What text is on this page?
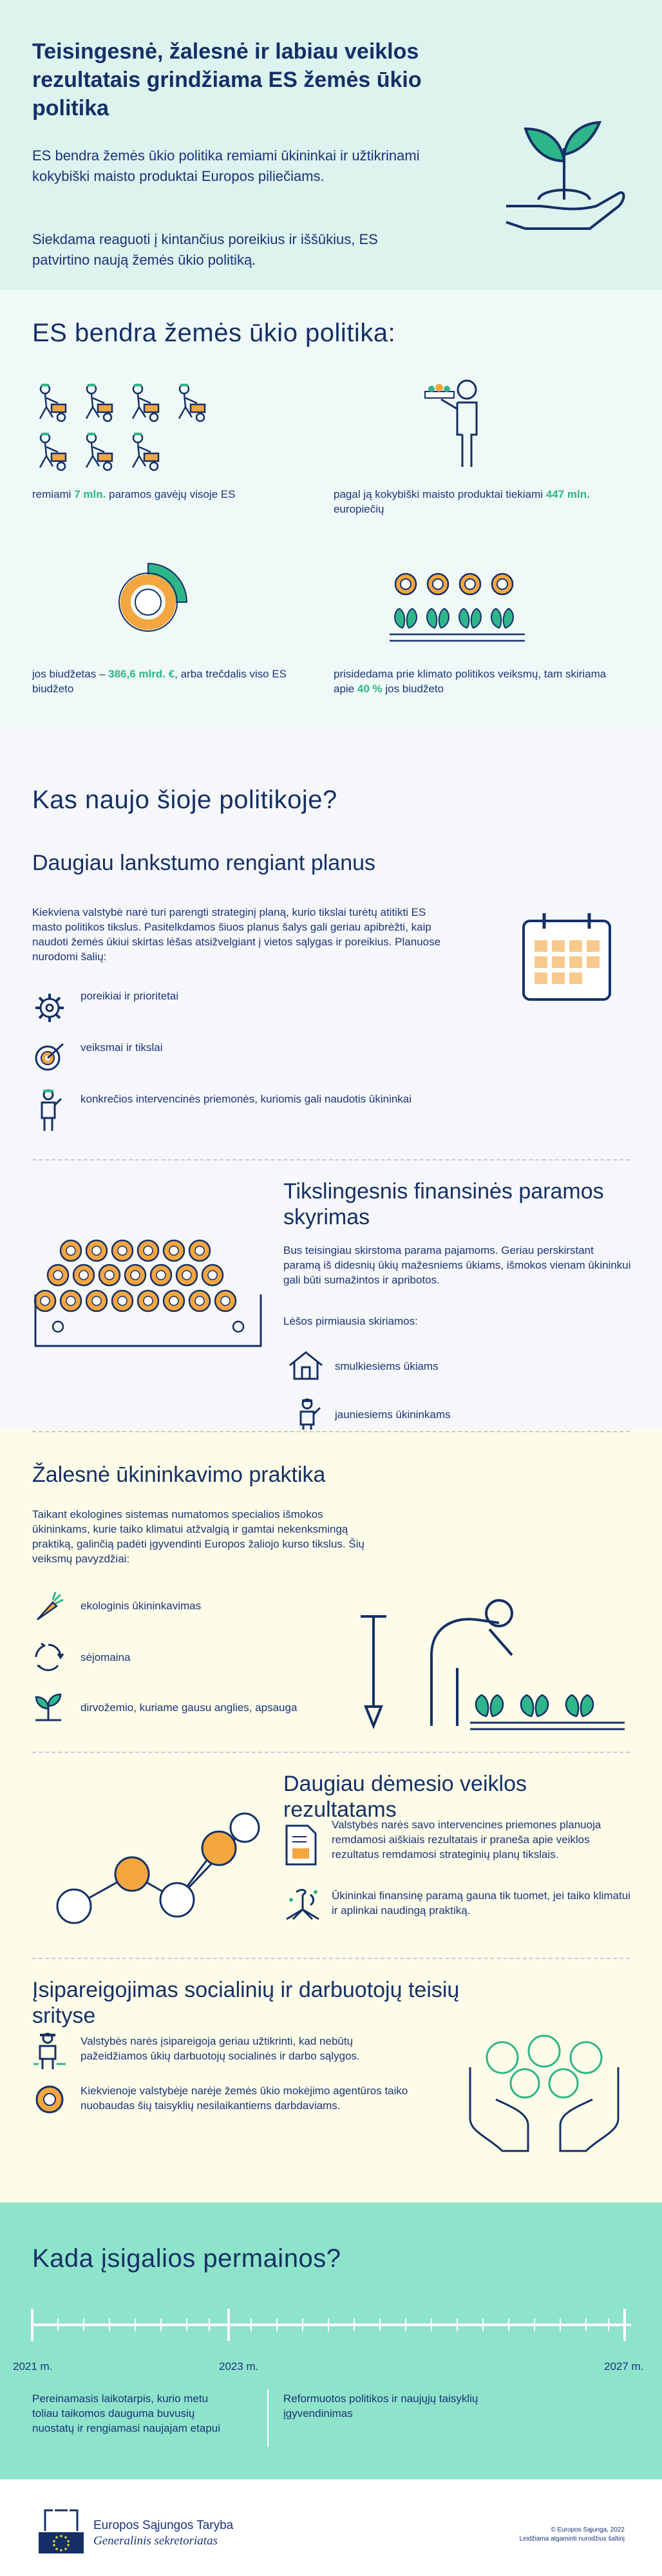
Teisingesnė, žalesnė ir labiau veiklos rezultatais grindžiama ES žemės ūkio politika
ES bendra žemės ūkio politika remiami ūkininkai ir užtikrinami kokybiški maisto produktai Europos piliečiams.
Siekdama reaguoti į kintančius poreikius ir iššūkius, ES patvirtino naują žemės ūkio politiką.
ES bendra žemės ūkio politika:
remiami 7 mln. paramos gavėjų visoje ES	pagal ją kokybiški maisto produktai tiekiami 447 mln. europiečių
jos biudžetas – 386,6 mlrd. €, arba trečdalis viso ES biudžeto
prisidedama prie klimato politikos veiksmų, tam skiriama apie 40 % jos biudžeto
Kas naujo šioje politikoje?
Daugiau lankstumo rengiant planus
Kiekviena valstybė narė turi parengti strateginį planą, kurio tikslai turėtų atitikti ES masto politikos tikslus. Pasitelkdamos šiuos planus šalys gali geriau apibrėžti, kaip naudoti žemės ūkiui skirtas lėšas atsižvelgiant į vietos sąlygas ir poreikius. Planuose nurodomi šalių:
poreikiai ir prioritetai
veiksmai ir tikslai
konkrečios intervencinės priemonės, kuriomis gali naudotis ūkininkai
Tikslingesnis finansinės paramos skyrimas
Bus teisingiau skirstoma parama pajamoms. Geriau perskirstant paramą iš didesnių ūkių mažesniems ūkiams, išmokos vienam ūkininkui gali būti sumažintos ir apribotos.
Lėšos pirmiausia skiriamos:
smulkiesiems ūkiams
jauniesiems ūkininkams
Žalesnė ūkininkavimo praktika
Taikant ekologines sistemas numatomos specialios išmokos ūkininkams, kurie taiko klimatui atžvalgią ir gamtai nekenksmingą praktiką, galinčią padėti įgyvendinti Europos žaliojo kurso tikslus. Šių veiksmų pavyzdžiai:
ekologinis ūkininkavimas
sėjomaina
dirvožemio, kuriame gausu anglies, apsauga
Daugiau dėmesio veiklos rezultatams
Valstybės narės savo intervencines priemones planuoja remdamosi aiškiais rezultatais ir praneša apie veiklos rezultatus remdamosi strateginių planų tikslais.
Ūkininkai finansinę paramą gauna tik tuomet, jei taiko klimatui ir aplinkai naudingą praktiką.
Įsipareigojimas socialinių ir darbuotojų teisių srityse
Valstybės narės įsipareigoja geriau užtikrinti, kad nebūtų pažeidžiamos ūkių darbuotojų socialinės ir darbo sąlygos.
Kiekvienoje valstybėje narėje žemės ūkio mokėjimo agentūros taiko nuobaudas šių taisyklių nesilaikantiems darbdaviams.
Kada įsigalios permainos?
2021 m.	2023 m.	2027 m.
Pereinamasis laikotarpis, kurio metu toliau taikomos dauguma buvusių nuostatų ir rengiamasi naujajam etapui
Reformuotos politikos ir naujųjų taisyklių įgyvendinimas
Europos Sąjungos Taryba
Generalinis sekretoriatas
© Europos Sąjunga, 2022
Leidžiama atgaminti nurodžius šaltinį
